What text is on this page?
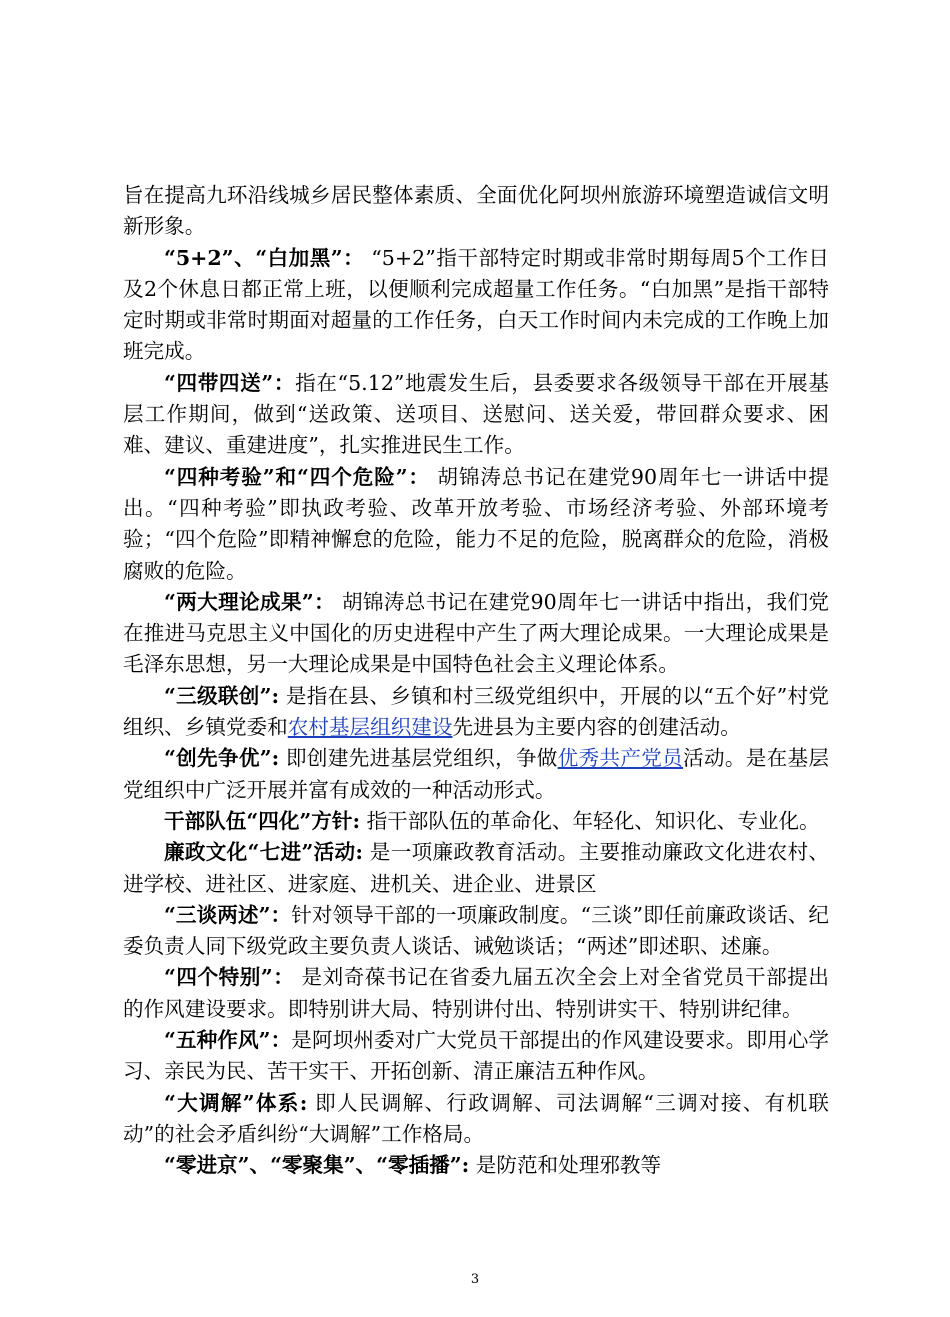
旨在提高九环沿线城乡居民整体素质、全面优化阿坝州旅游环境塑造诚信文明新形象。

“5+2”、“白加黑”： “5+2”指干部特定时期或非常时期每周5个工作日及2个休息日都正常上班，以便顺利完成超量工作任务。“白加黑”是指干部特定时期或非常时期面对超量的工作任务，白天工作时间内未完成的工作晚上加班完成。

“四带四送”：指在“5.12”地震发生后，县委要求各级领导干部在开展基层工作期间，做到“送政策、送项目、送慰问、送关爱，带回群众要求、困难、建议、重建进度”，扎实推进民生工作。

“四种考验”和“四个危险”： 胡锦涛总书记在建党90周年七一讲话中提出。“四种考验”即执政考验、改革开放考验、市场经济考验、外部环境考验；“四个危险”即精神懈怠的危险，能力不足的危险，脱离群众的危险，消极腐败的危险。

“两大理论成果”： 胡锦涛总书记在建党90周年七一讲话中指出，我们党在推进马克思主义中国化的历史进程中产生了两大理论成果。一大理论成果是毛泽东思想，另一大理论成果是中国特色社会主义理论体系。

“三级联创”: 是指在县、乡镇和村三级党组织中，开展的以“五个好”村党组织、乡镇党委和农村基层组织建设先进县为主要内容的创建活动。

“创先争优”: 即创建先进基层党组织，争做优秀共产党员活动。是在基层党组织中广泛开展并富有成效的一种活动形式。

干部队伍“四化”方针: 指干部队伍的革命化、年轻化、知识化、专业化。

廉政文化“七进”活动: 是一项廉政教育活动。主要推动廉政文化进农村、进学校、进社区、进家庭、进机关、进企业、进景区

“三谈两述”：针对领导干部的一项廉政制度。“三谈”即任前廉政谈话、纪委负责人同下级党政主要负责人谈话、诫勉谈话；“两述”即述职、述廉。

“四个特别”： 是刘奇葆书记在省委九届五次全会上对全省党员干部提出的作风建设要求。即特别讲大局、特别讲付出、特别讲实干、特别讲纪律。

“五种作风”：是阿坝州委对广大党员干部提出的作风建设要求。即用心学习、亲民为民、苦干实干、开拓创新、清正廉洁五种作风。

“大调解”体系: 即人民调解、行政调解、司法调解“三调对接、有机联动”的社会矛盾纠纷“大调解”工作格局。

“零进京”、“零聚集”、“零插播”: 是防范和处理邪教等

3
